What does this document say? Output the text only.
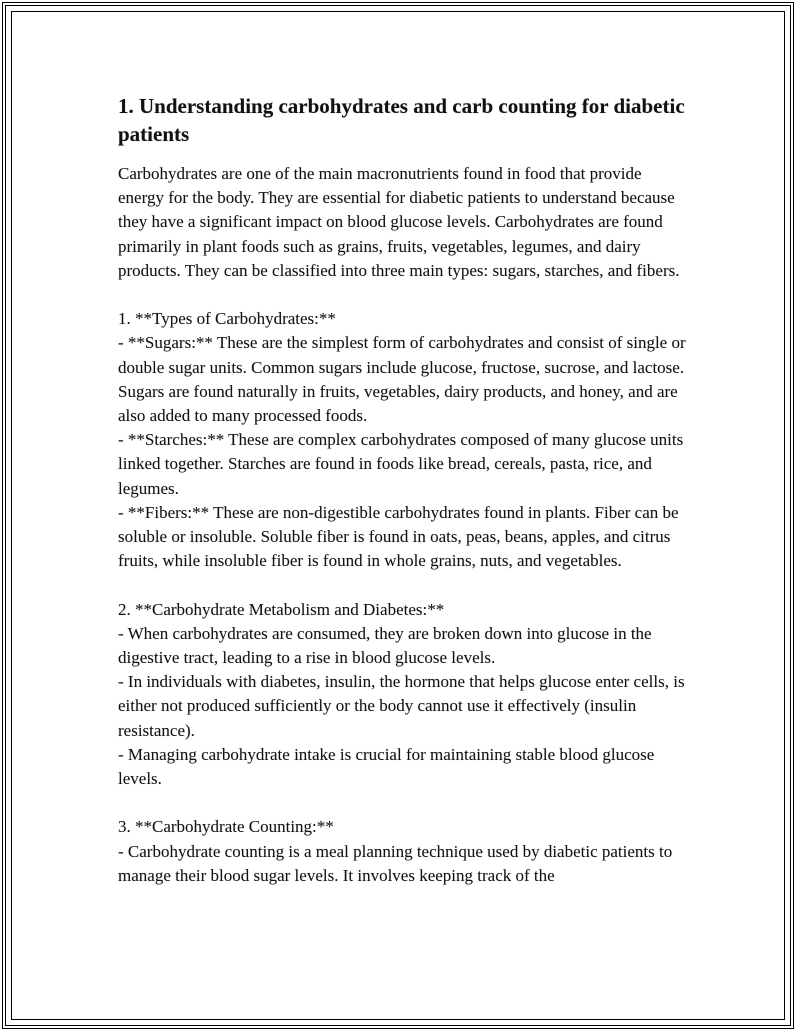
1. Understanding carbohydrates and carb counting for diabetic patients

Carbohydrates are one of the main macronutrients found in food that provide energy for the body. They are essential for diabetic patients to understand because they have a significant impact on blood glucose levels. Carbohydrates are found primarily in plant foods such as grains, fruits, vegetables, legumes, and dairy products. They can be classified into three main types: sugars, starches, and fibers.

1. **Types of Carbohydrates:**

- **Sugars:** These are the simplest form of carbohydrates and consist of single or double sugar units. Common sugars include glucose, fructose, sucrose, and lactose. Sugars are found naturally in fruits, vegetables, dairy products, and honey, and are also added to many processed foods.

- **Starches:** These are complex carbohydrates composed of many glucose units linked together. Starches are found in foods like bread, cereals, pasta, rice, and legumes.

- **Fibers:** These are non-digestible carbohydrates found in plants. Fiber can be soluble or insoluble. Soluble fiber is found in oats, peas, beans, apples, and citrus fruits, while insoluble fiber is found in whole grains, nuts, and vegetables.

2. **Carbohydrate Metabolism and Diabetes:**

- When carbohydrates are consumed, they are broken down into glucose in the digestive tract, leading to a rise in blood glucose levels.

- In individuals with diabetes, insulin, the hormone that helps glucose enter cells, is either not produced sufficiently or the body cannot use it effectively (insulin resistance).

- Managing carbohydrate intake is crucial for maintaining stable blood glucose levels.

3. **Carbohydrate Counting:**

- Carbohydrate counting is a meal planning technique used by diabetic patients to manage their blood sugar levels. It involves keeping track of the
